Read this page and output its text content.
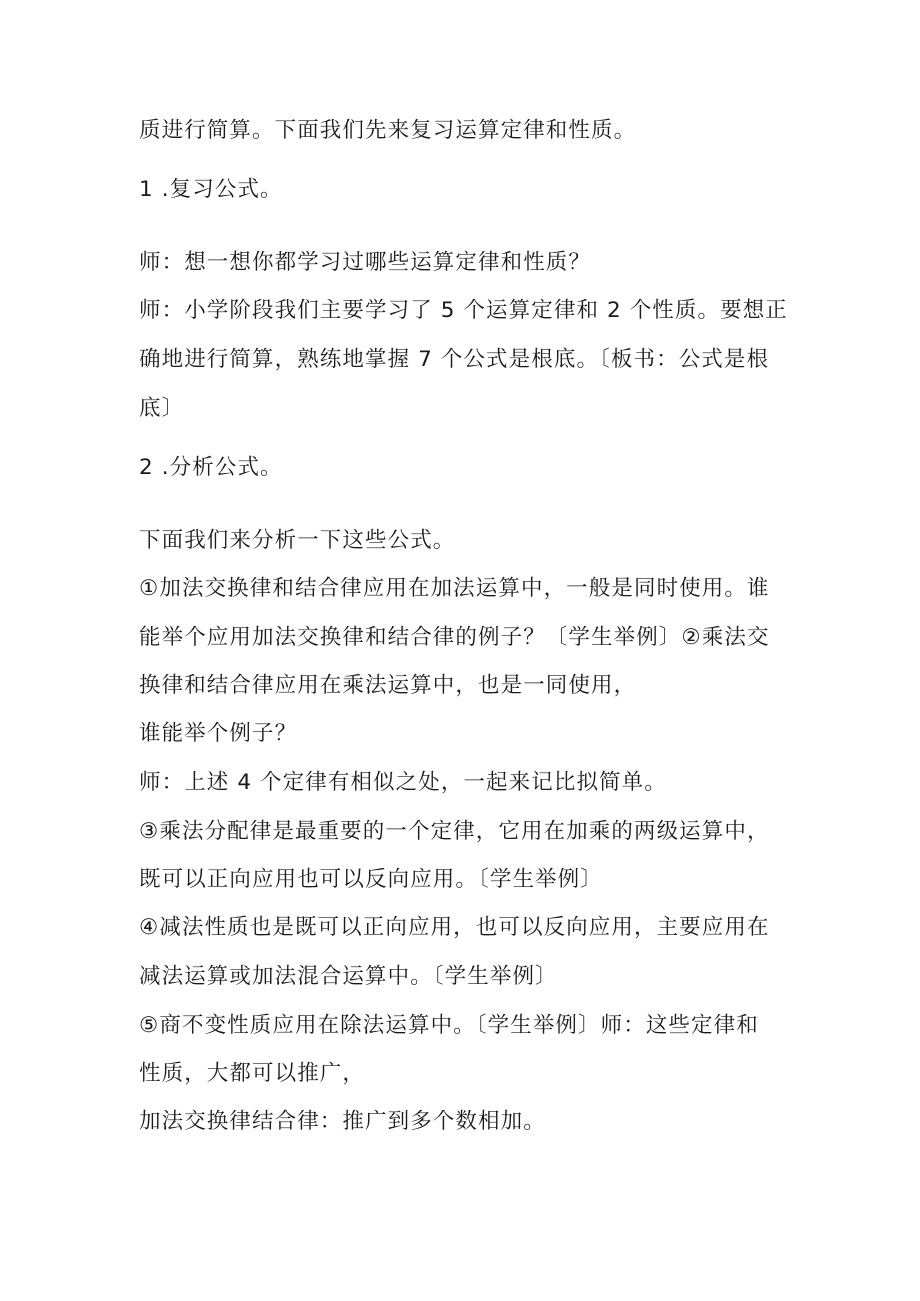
质进行简算。下面我们先来复习运算定律和性质。
1 .复习公式。
师：想一想你都学习过哪些运算定律和性质？
师：小学阶段我们主要学习了 5 个运算定律和 2 个性质。要想正
确地进行简算，熟练地掌握 7 个公式是根底。〔板书：公式是根
底〕
2 .分析公式。
下面我们来分析一下这些公式。
①加法交换律和结合律应用在加法运算中，一般是同时使用。谁
能举个应用加法交换律和结合律的例子？〔学生举例〕②乘法交
换律和结合律应用在乘法运算中，也是一同使用，
谁能举个例子？
师：上述 4 个定律有相似之处，一起来记比拟简单。
③乘法分配律是最重要的一个定律，它用在加乘的两级运算中，
既可以正向应用也可以反向应用。〔学生举例〕
④减法性质也是既可以正向应用，也可以反向应用，主要应用在
减法运算或加法混合运算中。〔学生举例〕
⑤商不变性质应用在除法运算中。〔学生举例〕师：这些定律和
性质，大都可以推广，
加法交换律结合律：推广到多个数相加。
